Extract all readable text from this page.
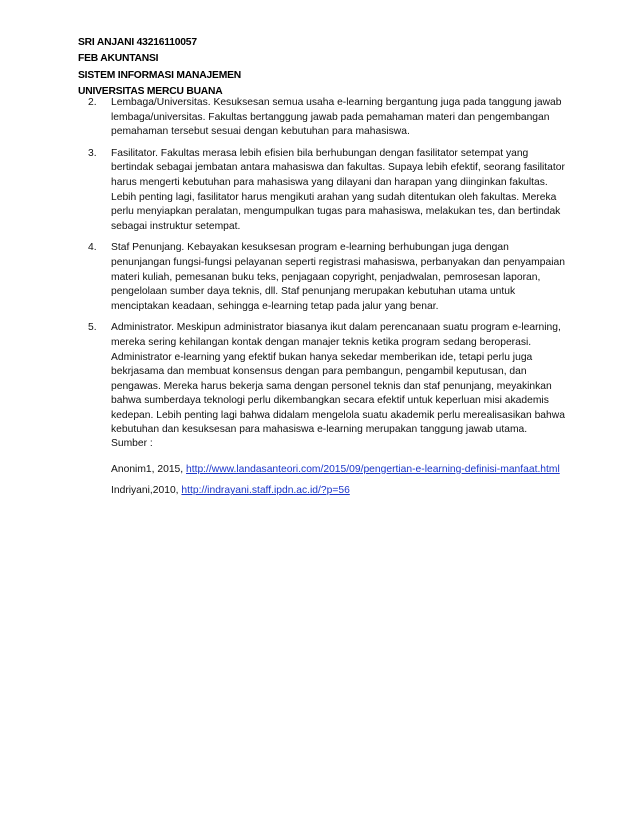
SRI ANJANI 43216110057
FEB AKUNTANSI
SISTEM INFORMASI MANAJEMEN
UNIVERSITAS MERCU BUANA
2. Lembaga/Universitas. Kesuksesan semua usaha e-learning bergantung juga pada tanggung jawab lembaga/universitas. Fakultas bertanggung jawab pada pemahaman materi dan pengembangan pemahaman tersebut sesuai dengan kebutuhan para mahasiswa.
3. Fasilitator. Fakultas merasa lebih efisien bila berhubungan dengan fasilitator setempat yang bertindak sebagai jembatan antara mahasiswa dan fakultas. Supaya lebih efektif, seorang fasilitator harus mengerti kebutuhan para mahasiswa yang dilayani dan harapan yang diinginkan fakultas. Lebih penting lagi, fasilitator harus mengikuti arahan yang sudah ditentukan oleh fakultas. Mereka perlu menyiapkan peralatan, mengumpulkan tugas para mahasiswa, melakukan tes, dan bertindak sebagai instruktur setempat.
4. Staf Penunjang. Kebayakan kesuksesan program e-learning berhubungan juga dengan penunjangan fungsi-fungsi pelayanan seperti registrasi mahasiswa, perbanyakan dan penyampaian materi kuliah, pemesanan buku teks, penjagaan copyright, penjadwalan, pemrosesan laporan, pengelolaan sumber daya teknis, dll. Staf penunjang merupakan kebutuhan utama untuk menciptakan keadaan, sehingga e-learning tetap pada jalur yang benar.
5. Administrator. Meskipun administrator biasanya ikut dalam perencanaan suatu program e-learning, mereka sering kehilangan kontak dengan manajer teknis ketika program sedang beroperasi. Administrator e-learning yang efektif bukan hanya sekedar memberikan ide, tetapi perlu juga bekrjasama dan membuat konsensus dengan para pembangun, pengambil keputusan, dan pengawas. Mereka harus bekerja sama dengan personel teknis dan staf penunjang, meyakinkan bahwa sumberdaya teknologi perlu dikembangkan secara efektif untuk keperluan misi akademis kedepan. Lebih penting lagi bahwa didalam mengelola suatu akademik perlu merealisasikan bahwa kebutuhan dan kesuksesan para mahasiswa e-learning merupakan tanggung jawab utama.
Sumber :
Anonim1, 2015, http://www.landasanteori.com/2015/09/pengertian-e-learning-definisi-manfaat.html
Indriyani,2010, http://indrayani.staff.ipdn.ac.id/?p=56
